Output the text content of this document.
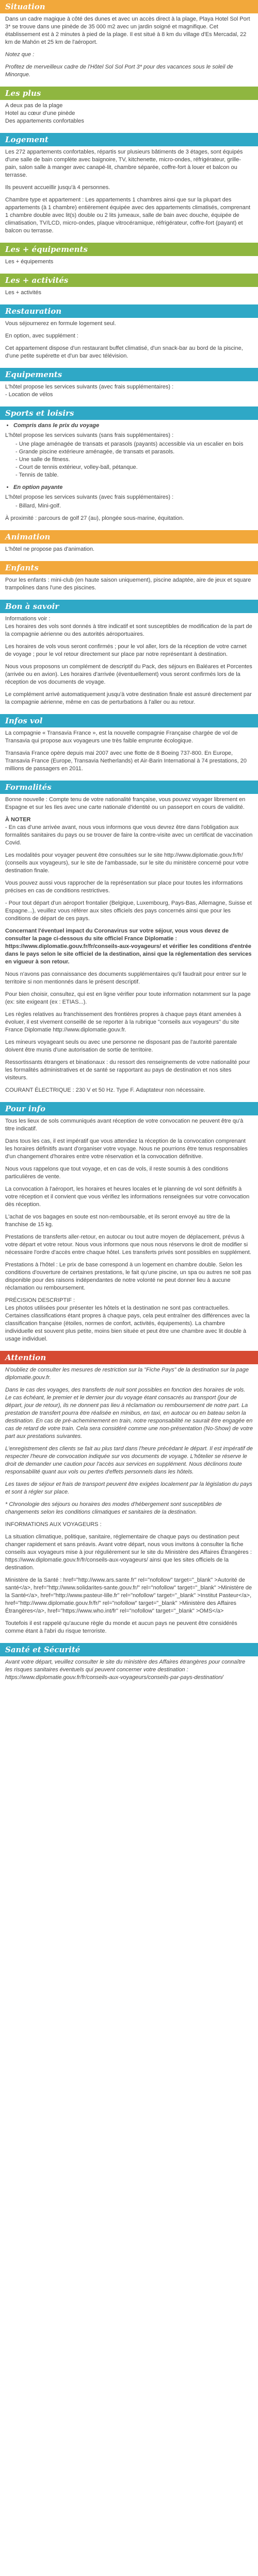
Situation

Dans un cadre magique à côté des dunes et avec un accès direct à la plage, Playa Hotel Sol Port 3* se trouve dans une pinède de 35 000 m2 avec un jardin soigné et magnifique. Cet établissement est à 2 minutes à pied de la plage. Il est situé à 8 km du village d'Es Mercadal, 22 km de Mahón et 25 km de l'aéroport.

Notez que :

Profitez de merveilleux cadre de l'Hôtel Sol Sol Port 3* pour des vacances sous le soleil de Minorque.

Les plus

A deux pas de la plage

Hotel au cœur d'une pinède

Des appartements confortables

Logement

Les 272 appartements confortables, répartis sur plusieurs bâtiments de 3 étages, sont équipés d'une salle de bain complète avec baignoire, TV, kitchenette, micro-ondes, réfrigérateur, grille-pain, salon salle à manger avec canapé-lit, chambre séparée, coffre-fort à louer et balcon ou terrasse.

Ils peuvent accueillir jusqu'à 4 personnes.

Chambre type et appartement : Les appartements 1 chambres ainsi que sur la plupart des appartements (à 1 chambre) entièrement équipée avec des appartements climatisés, comprenant 1 chambre double avec lit(s) double ou 2 lits jumeaux, salle de bain avec douche, équipée de climatisation, TV/LCD, micro-ondes, plaque vitrocéramique, réfrigérateur, coffre-fort (payant) et balcon ou terrasse.

Les + équipements

Les + équipements

Les + activités

Les + activités

Restauration

Vous séjournerez en formule logement seul.

En option, avec supplément :

Cet appartement dispose d'un restaurant buffet climatisé, d'un snack-bar au bord de la piscine, d'une petite supérette et d'un bar avec télévision.

Equipements

L'hôtel propose les services suivants (avec frais supplémentaires) :

- Location de vélos

Sports et loisirs
• Compris dans le prix du voyage

L'hôtel propose les services suivants (sans frais supplémentaires) :

- Une plage aménagée de transats et parasols (payants) accessible via un escalier en bois
- Grande piscine extérieure aménagée, de transats et parasols.
- Une salle de fitness.
- Court de tennis extérieur, volley-ball, pétanque.
- Tennis de table.
• En option payante

L'hôtel propose les services suivants (avec frais supplémentaires) :

- Billard, Mini-golf.

À proximité : parcours de golf 27 (au), plongée sous-marine, équitation.

Animation

L'hôtel ne propose pas d'animation.

Enfants

Pour les enfants : mini-club (en haute saison uniquement), piscine adaptée, aire de jeux et square trampolines dans l'une des piscines.

Bon à savoir

Informations voir :

Les horaires des vols sont donnés à titre indicatif et sont susceptibles de modification de la part de la compagnie aérienne ou des autorités aéroportuaires.

Les horaires de vols vous seront confirmés ; pour le vol aller, lors de la réception de votre carnet de voyage ; pour le vol retour directement sur place par notre représentant à destination.

Nous vous proposons un complément de descriptif du Pack, des séjours en Baléares et Porcentes (arrivée ou en avion). Les horaires d'arrivée (éventuellement) vous seront confirmés lors de la réception de vos documents de voyage.

Le complément arrivé automatiquement jusqu'à votre destination finale est assuré directement par la compagnie aérienne, même en cas de perturbations à l'aller ou au retour.

Infos vol

La compagnie « Transavia France », est la nouvelle compagnie Française chargée de vol de Transavia qui propose aux voyageurs une très faible emprunte écologique.

Transavia France opère depuis mai 2007 avec une flotte de 8 Boeing 737-800. En Europe, Transavia France (Europe, Transavia Netherlands) et Air-Barin International à 74 prestations, 20 millions de passagers en 2011.

Formalités

Bonne nouvelle : Compte tenu de votre nationalité française, vous pouvez voyager librement en Espagne et sur les Iles avec une carte nationale d'identité ou un passeport en cours de validité.

À NOTER

- En cas d'une arrivée avant, nous vous informons que vous devrez être dans l'obligation aux formalités sanitaires du pays ou se trouver de faire la contre-visite avec un certificat de vaccination Covid.

Les modalités pour voyager peuvent être consultées sur le site http://www.diplomatie.gouv.fr/fr/ (conseils aux voyageurs), sur le site de l'ambassade, sur le site du ministère concerné pour votre destination finale.

Vous pouvez aussi vous rapprocher de la représentation sur place pour toutes les informations précises en cas de conditions restrictives.

- Pour tout départ d'un aéroport frontalier (Belgique, Luxembourg, Pays-Bas, Allemagne, Suisse et Espagne...), veuillez vous référer aux sites officiels des pays concernés ainsi que pour les conditions de départ de ces pays.

Concernant l'éventuel impact du Coronavirus sur votre séjour, vous vous devez de consulter la page ci-dessous du site officiel France Diplomatie : https://www.diplomatie.gouv.fr/fr/conseils-aux-voyageurs/ et vérifier les conditions d'entrée dans le pays selon le site officiel de la destination, ainsi que la réglementation des services en vigueur à son retour.

Nous n'avons pas connaissance des documents supplémentaires qu'il faudrait pour entrer sur le territoire si non mentionnés dans le présent descriptif.

Pour bien choisir, consultez, qui est en ligne vérifier pour toute information notamment sur la page (ex: site exigeant (ex : ETIAS...).

Les règles relatives au franchissement des frontières propres à chaque pays étant amenées à évoluer, il est vivement conseillé de se reporter à la rubrique "conseils aux voyageurs" du site France Diplomatie http://www.diplomatie.gouv.fr.

Les mineurs voyageant seuls ou avec une personne ne disposant pas de l'autorité parentale doivent être munis d'une autorisation de sortie de territoire.

Ressortissants étrangers et binationaux : du ressort des renseignements de votre nationalité pour les formalités administratives et de santé se rapportant au pays de destination et nos sites visiteurs.

COURANT ÉLECTRIQUE : 230 V et 50 Hz. Type F. Adaptateur non nécessaire.

Pour info

Tous les lieux de sols communiqués avant réception de votre convocation ne peuvent être qu'à titre indicatif.

Dans tous les cas, il est impératif que vous attendiez la réception de la convocation comprenant les horaires définitifs avant d'organiser votre voyage. Nous ne pourrions être tenus responsables d'un changement d'horaires entre votre réservation et la convocation définitive.

Nous vous rappelons que tout voyage, et en cas de vols, il reste soumis à des conditions particulières de vente.

La convocation à l'aéroport, les horaires et heures locales et le planning de vol sont définitifs à votre réception et il convient que vous vérifiez les informations renseignées sur votre convocation dès réception.

L'achat de vos bagages en soute est non-remboursable, et ils seront envoyé au titre de la franchise de 15 kg.

Prestations de transferts aller-retour, en autocar ou tout autre moyen de déplacement, prévus à votre départ et votre retour. Nous vous informons que nous nous réservons le droit de modifier si nécessaire l'ordre d'accès entre chaque hôtel. Les transferts privés sont possibles en supplément.

Prestations à l'hôtel : Le prix de base correspond à un logement en chambre double. Selon les conditions d'ouverture de certaines prestations, le fait qu'une piscine, un spa ou autres ne soit pas disponible pour des raisons indépendantes de notre volonté ne peut donner lieu à aucune réclamation ou remboursement.

PRÉCISION DESCRIPTIF :

Les photos utilisées pour présenter les hôtels et la destination ne sont pas contractuelles. Certaines classifications étant propres à chaque pays, cela peut entraîner des différences avec la classification française (étoiles, normes de confort, activités, équipements). La chambre individuelle est souvent plus petite, moins bien située et peut être une chambre avec lit double à usage individuel.

Attention

N'oubliez de consulter les mesures de restriction sur la "Fiche Pays" de la destination sur la page diplomatie.gouv.fr.

Dans le cas des voyages, des transferts de nuit sont possibles en fonction des horaires de vols. Le cas échéant, le premier et le dernier jour du voyage étant consacrés au transport (jour de départ, jour de retour), ils ne donnent pas lieu à réclamation ou remboursement de notre part. La prestation de transfert pourra être réalisée en minibus, en taxi, en autocar ou en bateau selon la destination. En cas de pré-acheminement en train, notre responsabilité ne saurait être engagée en cas de retard de votre train. Cela sera considéré comme une non-présentation (No-Show) de votre part aux prestations suivantes.

L'enregistrement des clients se fait au plus tard dans l'heure précédant le départ. Il est impératif de respecter l'heure de convocation indiquée sur vos documents de voyage. L'hôtelier se réserve le droit de demander une caution pour l'accès aux services en supplément. Nous déclinons toute responsabilité quant aux vols ou pertes d'effets personnels dans les hôtels.

Les taxes de séjour et frais de transport peuvent être exigées localement par la législation du pays et sont à régler sur place.

* Chronologie des séjours ou horaires des modes d'hébergement sont susceptibles de changements selon les conditions climatiques et sanitaires de la destination.

INFORMATIONS AUX VOYAGEURS :

La situation climatique, politique, sanitaire, réglementaire de chaque pays ou destination peut changer rapidement et sans préavis. Avant votre départ, nous vous invitons à consulter la fiche conseils aux voyageurs mise à jour régulièrement sur le site du Ministère des Affaires Étrangères : https://www.diplomatie.gouv.fr/fr/conseils-aux-voyageurs/ ainsi que les sites officiels de la destination.

Ministère de la Santé : href="http://www.ars.sante.fr" rel="nofollow" target="_blank" >Autorité de santé</a>, href="http://www.solidarites-sante.gouv.fr/" rel="nofollow" target="_blank" >Ministère de la Santé</a>, href="http://www.pasteur-lille.fr" rel="nofollow" target="_blank" >Institut Pasteur</a>, href="http://www.diplomatie.gouv.fr/fr/" rel="nofollow" target="_blank" >Ministère des Affaires Étrangères</a>, href="https://www.who.int/fr" rel="nofollow" target="_blank" >OMS</a>

Toutefois il est rappelé qu'aucune règle du monde et aucun pays ne peuvent être considérés comme étant à l'abri du risque terroriste.

Santé et Sécurité

Avant votre départ, veuillez consulter le site du ministère des Affaires étrangères pour connaître les risques sanitaires éventuels qui peuvent concerner votre destination : https://www.diplomatie.gouv.fr/fr/conseils-aux-voyageurs/conseils-par-pays-destination/
